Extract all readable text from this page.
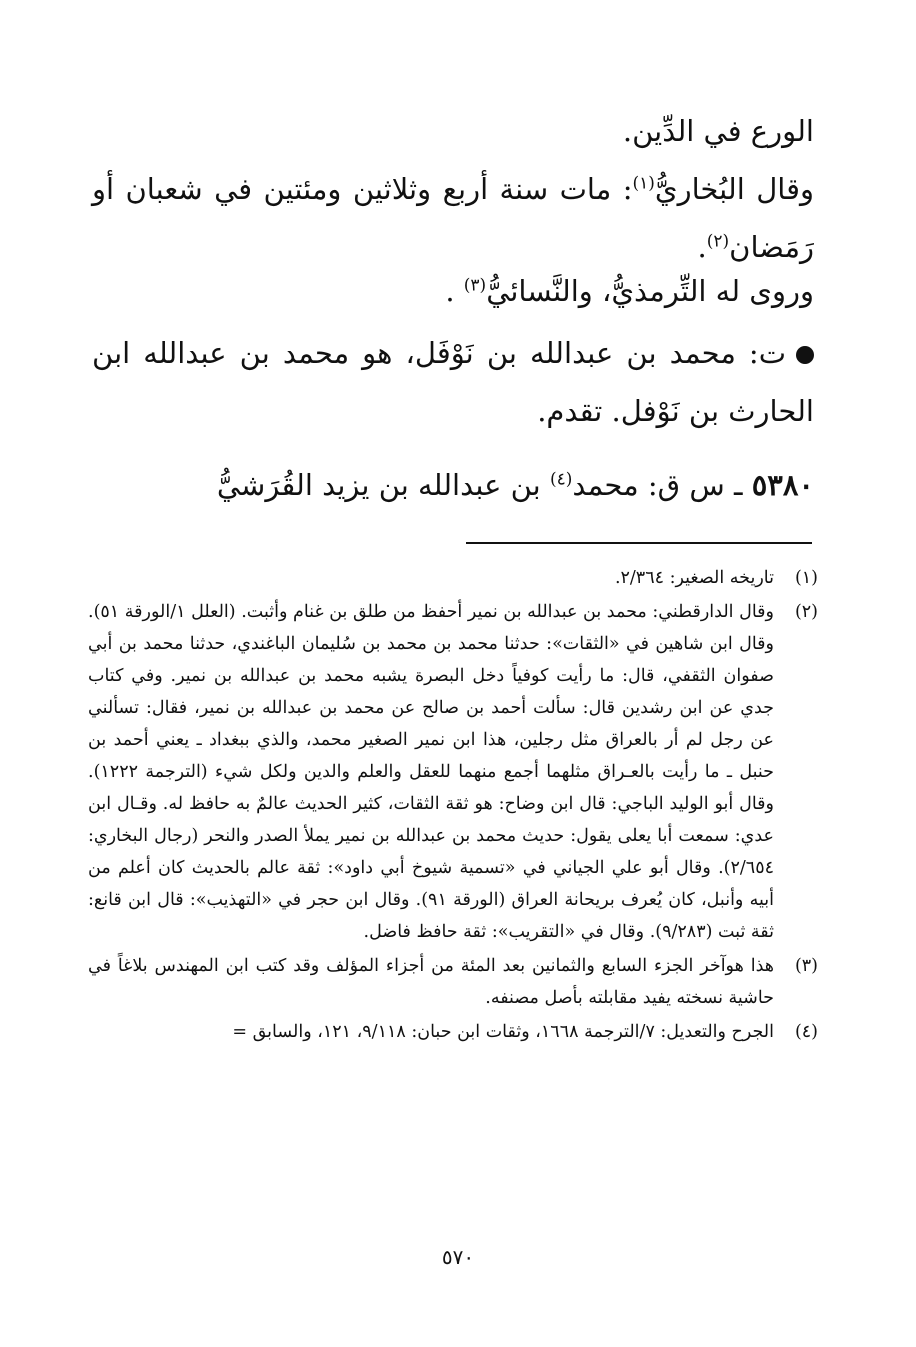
الورع في الدِّين.

وقال البُخاريُّ$^{(١)}$: مات سنة أربع وثلاثين ومئتين في شعبان أو رَمَضان$^{(٢)}$.

وروى له التِّرمذيُّ، والنَّسائيُّ$^{(٣)}$ .

ت: محمد بن عبدالله بن نَوْفَل، هو محمد بن عبدالله ابن الحارث بن نَوْفل. تقدم.

٥٣٨٠ ـ س ق: محمد$^{(٤)}$ بن عبدالله بن يزيد القُرَشيُّ

(١)
تاريخه الصغير: ٢/٣٦٤.
(٢)
وقال الدارقطني: محمد بن عبدالله بن نمير أحفظ من طلق بن غنام وأثبت. (العلل ١/الورقة ٥١). وقال ابن شاهين في «الثقات»: حدثنا محمد بن محمد بن سُليمان الباغندي، حدثنا محمد بن أبي صفوان الثقفي، قال: ما رأيت كوفياً دخل البصرة يشبه محمد بن عبدالله بن نمير. وفي كتاب جدي عن ابن رشدين قال: سألت أحمد بن صالح عن محمد بن عبدالله بن نمير، فقال: تسألني عن رجل لم أر بالعراق مثل رجلين، هذا ابن نمير الصغير محمد، والذي ببغداد ـ يعني أحمد بن حنبل ـ ما رأيت بالعـراق مثلهما أجمع منهما للعقل والعلم والدين ولكل شيء (الترجمة ١٢٢٢). وقال أبو الوليد الباجي: قال ابن وضاح: هو ثقة الثقات، كثير الحديث عالمٌ به حافظ له. وقـال ابن عدي: سمعت أبا يعلى يقول: حديث محمد بن عبدالله بن نمير يملأ الصدر والنحر (رجال البخاري: ٢/٦٥٤). وقال أبو علي الجياني في «تسمية شيوخ أبي داود»: ثقة عالم بالحديث كان أعلم من أبيه وأنبل، كان يُعرف بريحانة العراق (الورقة ٩١). وقال ابن حجر في «التهذيب»: قال ابن قانع: ثقة ثبت (٩/٢٨٣). وقال في «التقريب»: ثقة حافظ فاضل.
(٣)
هذا هوآخر الجزء السابع والثمانين بعد المئة من أجزاء المؤلف وقد كتب ابن المهندس بلاغاً في حاشية نسخته يفيد مقابلته بأصل مصنفه.
(٤)
الجرح والتعديل: ٧/الترجمة ١٦٦٨، وثقات ابن حبان: ٩/١١٨، ١٢١، والسابق =
٥٧٠
